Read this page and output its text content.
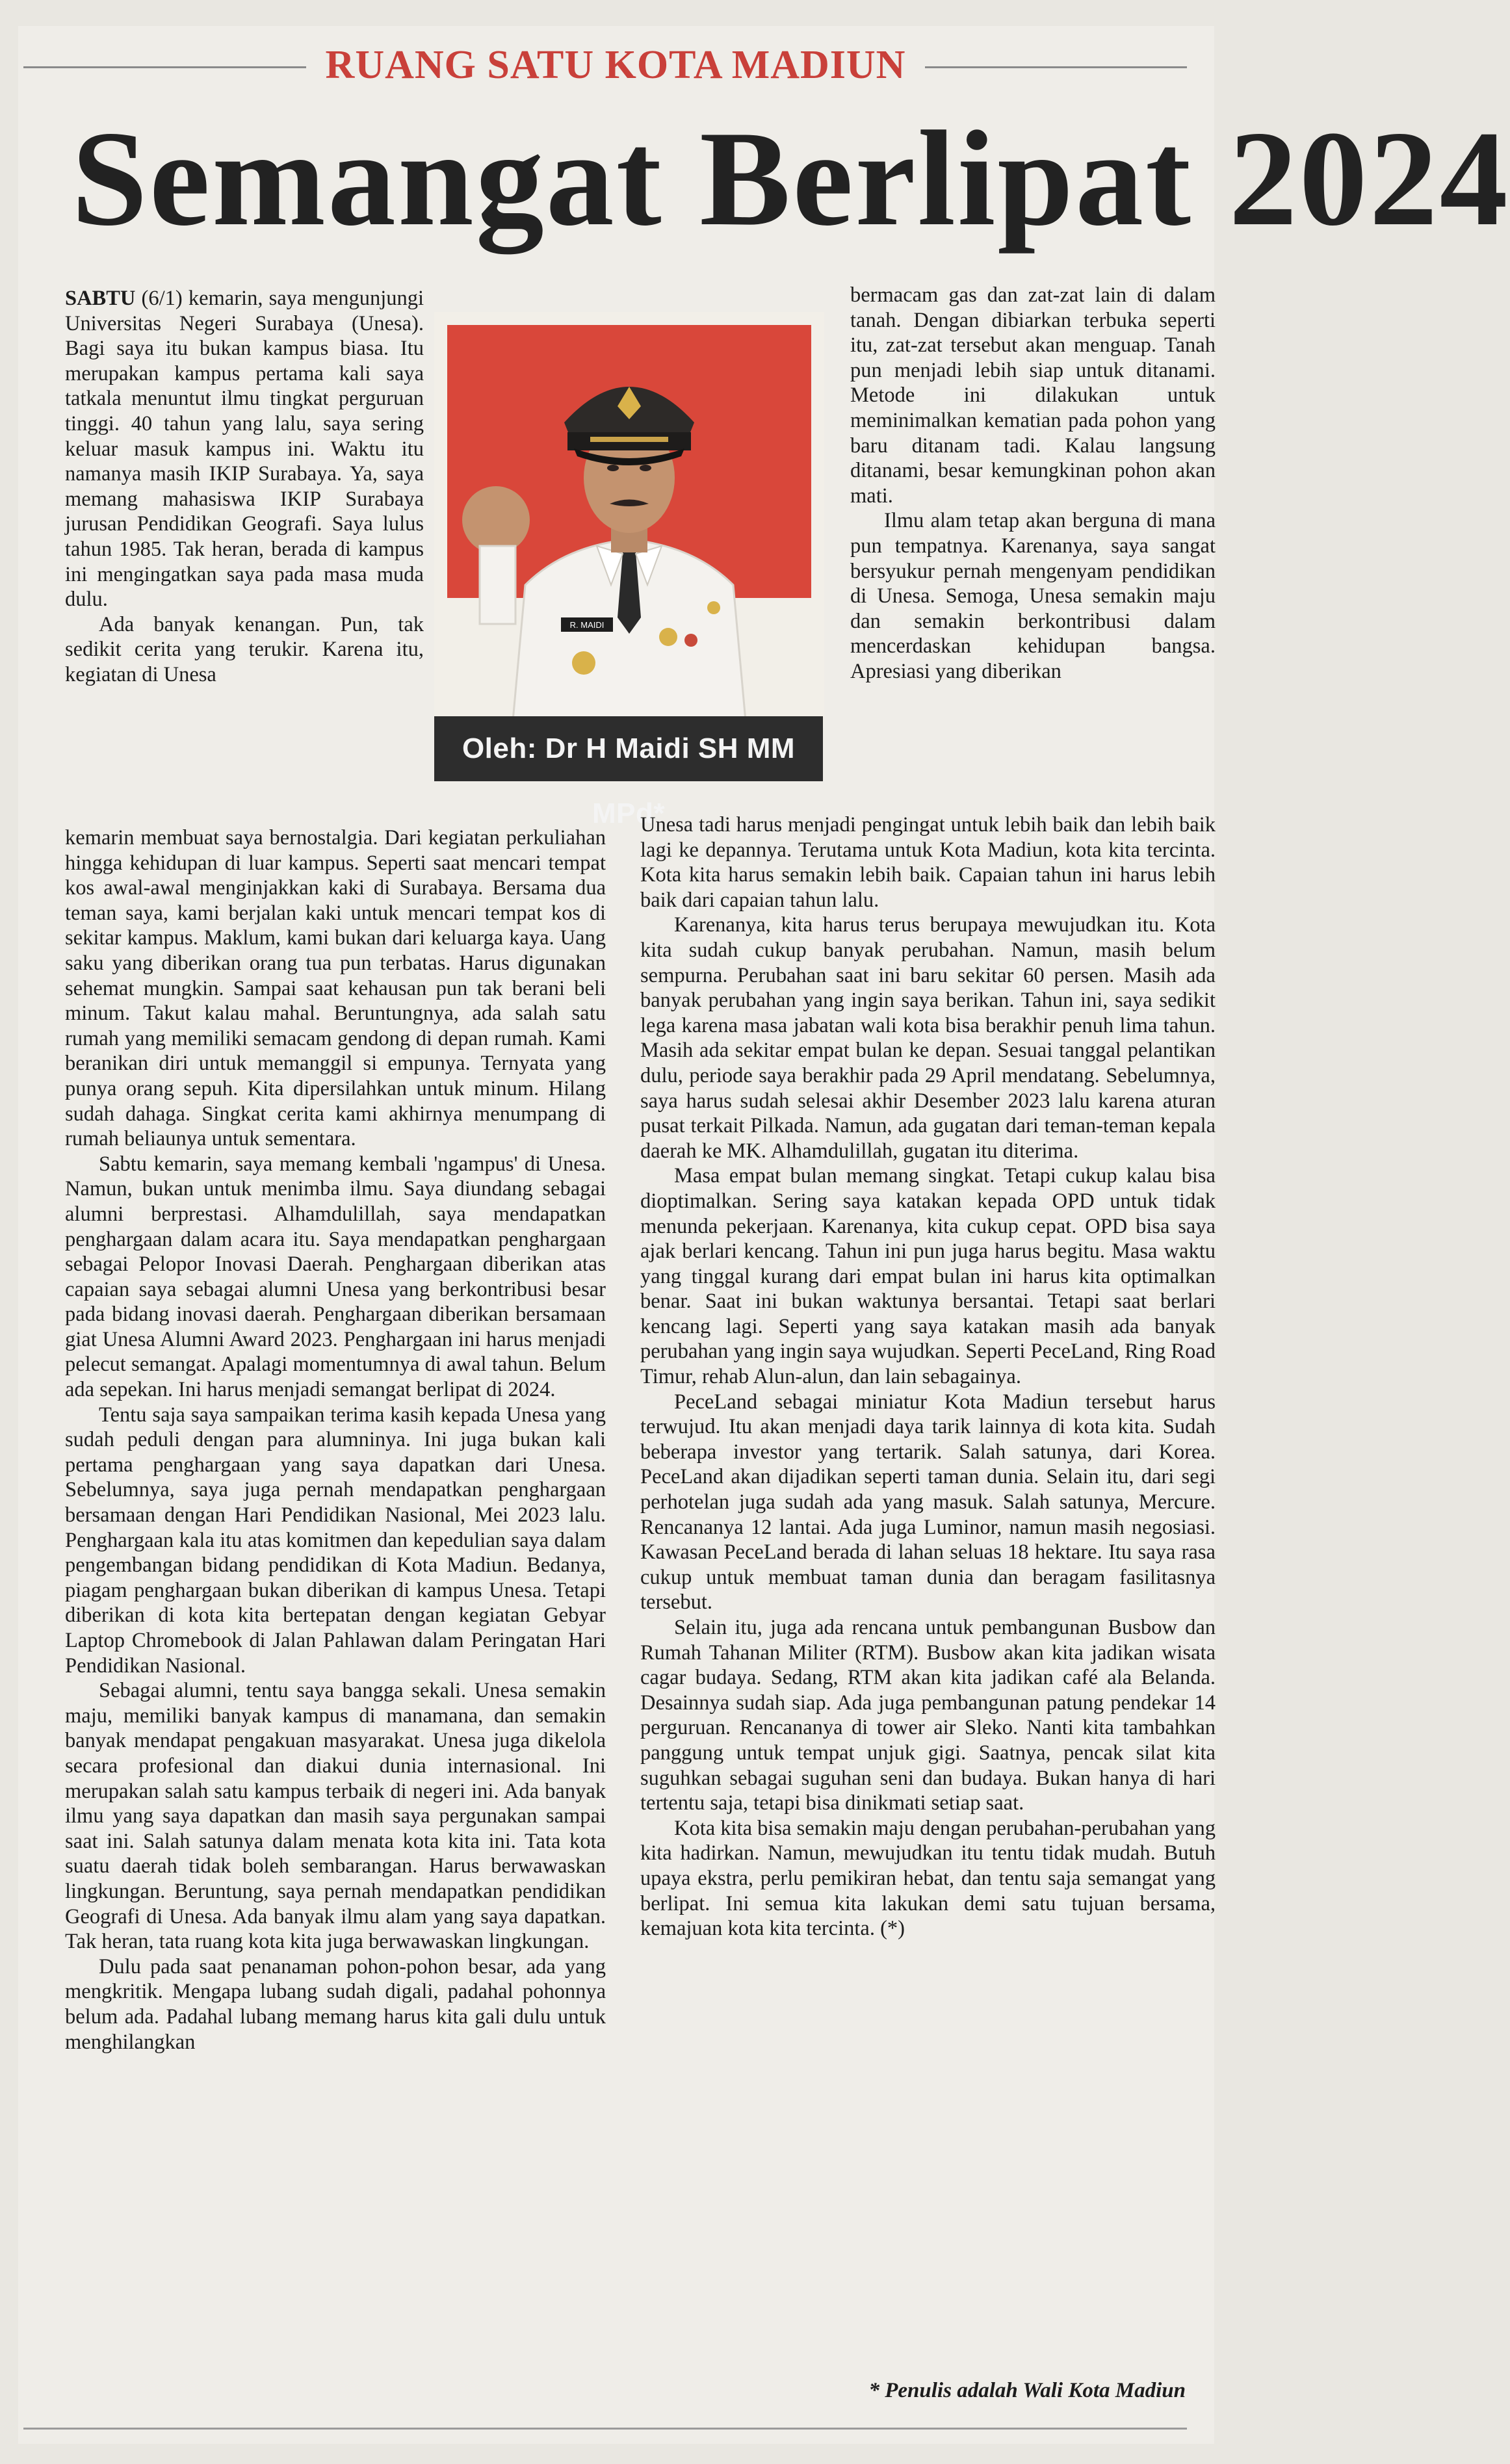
RUANG SATU KOTA MADIUN
Semangat Berlipat 2024

SABTU (6/1) kemarin, saya mengunjungi Universitas Negeri Surabaya (Unesa). Bagi saya itu bukan kampus biasa. Itu merupakan kampus pertama kali saya tatkala menuntut ilmu tingkat perguruan tinggi. 40 tahun yang lalu, saya sering keluar masuk kampus ini. Waktu itu namanya masih IKIP Surabaya. Ya, saya memang mahasiswa IKIP Surabaya jurusan Pendidikan Geografi. Saya lulus tahun 1985. Tak heran, berada di kampus ini mengingatkan saya pada masa muda dulu.

Ada banyak kenangan. Pun, tak sedikit cerita yang terukir. Karena itu, kegiatan di Unesa

R. MAIDI
Oleh: Dr H Maidi SH MM MPd*

kemarin membuat saya bernostalgia. Dari kegiatan perkuliahan hingga kehidupan di luar kampus. Seperti saat mencari tempat kos awal-awal menginjakkan kaki di Surabaya. Bersama dua teman saya, kami berjalan kaki untuk mencari tempat kos di sekitar kampus. Maklum, kami bukan dari keluarga kaya. Uang saku yang diberikan orang tua pun terbatas. Harus digunakan sehemat mungkin. Sampai saat kehausan pun tak berani beli minum. Takut kalau mahal. Beruntungnya, ada salah satu rumah yang memiliki semacam gendong di depan rumah. Kami beranikan diri untuk memanggil si empunya. Ternyata yang punya orang sepuh. Kita dipersilahkan untuk minum. Hilang sudah dahaga. Singkat cerita kami akhirnya menumpang di rumah beliaunya untuk sementara.

Sabtu kemarin, saya memang kembali 'ngampus' di Unesa. Namun, bukan untuk menimba ilmu. Saya diundang sebagai alumni berprestasi. Alhamdulillah, saya mendapatkan penghargaan dalam acara itu. Saya mendapatkan penghargaan sebagai Pelopor Inovasi Daerah. Penghargaan diberikan atas capaian saya sebagai alumni Unesa yang berkontribusi besar pada bidang inovasi daerah. Penghargaan diberikan bersamaan giat Unesa Alumni Award 2023. Penghargaan ini harus menjadi pelecut semangat. Apalagi momentumnya di awal tahun. Belum ada sepekan. Ini harus menjadi semangat berlipat di 2024.

Tentu saja saya sampaikan terima kasih kepada Unesa yang sudah peduli dengan para alumninya. Ini juga bukan kali pertama penghargaan yang saya dapatkan dari Unesa. Sebelumnya, saya juga pernah mendapatkan penghargaan bersamaan dengan Hari Pendidikan Nasional, Mei 2023 lalu. Penghargaan kala itu atas komitmen dan kepedulian saya dalam pengembangan bidang pendidikan di Kota Madiun. Bedanya, piagam penghargaan bukan diberikan di kampus Unesa. Tetapi diberikan di kota kita bertepatan dengan kegiatan Gebyar Laptop Chromebook di Jalan Pahlawan dalam Peringatan Hari Pendidikan Nasional.

Sebagai alumni, tentu saya bangga sekali. Unesa semakin maju, memiliki banyak kampus di manamana, dan semakin banyak mendapat pengakuan masyarakat. Unesa juga dikelola secara profesional dan diakui dunia internasional. Ini merupakan salah satu kampus terbaik di negeri ini. Ada banyak ilmu yang saya dapatkan dan masih saya pergunakan sampai saat ini. Salah satunya dalam menata kota kita ini. Tata kota suatu daerah tidak boleh sembarangan. Harus berwawaskan lingkungan. Beruntung, saya pernah mendapatkan pendidikan Geografi di Unesa. Ada banyak ilmu alam yang saya dapatkan. Tak heran, tata ruang kota kita juga berwawaskan lingkungan.

Dulu pada saat penanaman pohon-pohon besar, ada yang mengkritik. Mengapa lubang sudah digali, padahal pohonnya belum ada. Padahal lubang memang harus kita gali dulu untuk menghilangkan

bermacam gas dan zat-zat lain di dalam tanah. Dengan dibiarkan terbuka seperti itu, zat-zat tersebut akan menguap. Tanah pun menjadi lebih siap untuk ditanami. Metode ini dilakukan untuk meminimalkan kematian pada pohon yang baru ditanam tadi. Kalau langsung ditanami, besar kemungkinan pohon akan mati.

Ilmu alam tetap akan berguna di mana pun tempatnya. Karenanya, saya sangat bersyukur pernah mengenyam pendidikan di Unesa. Semoga, Unesa semakin maju dan semakin berkontribusi dalam mencerdaskan kehidupan bangsa. Apresiasi yang diberikan

Unesa tadi harus menjadi pengingat untuk lebih baik dan lebih baik lagi ke depannya. Terutama untuk Kota Madiun, kota kita tercinta. Kota kita harus semakin lebih baik. Capaian tahun ini harus lebih baik dari capaian tahun lalu.

Karenanya, kita harus terus berupaya mewujudkan itu. Kota kita sudah cukup banyak perubahan. Namun, masih belum sempurna. Perubahan saat ini baru sekitar 60 persen. Masih ada banyak perubahan yang ingin saya berikan. Tahun ini, saya sedikit lega karena masa jabatan wali kota bisa berakhir penuh lima tahun. Masih ada sekitar empat bulan ke depan. Sesuai tanggal pelantikan dulu, periode saya berakhir pada 29 April mendatang. Sebelumnya, saya harus sudah selesai akhir Desember 2023 lalu karena aturan pusat terkait Pilkada. Namun, ada gugatan dari teman-teman kepala daerah ke MK. Alhamdulillah, gugatan itu diterima.

Masa empat bulan memang singkat. Tetapi cukup kalau bisa dioptimalkan. Sering saya katakan kepada OPD untuk tidak menunda pekerjaan. Karenanya, kita cukup cepat. OPD bisa saya ajak berlari kencang. Tahun ini pun juga harus begitu. Masa waktu yang tinggal kurang dari empat bulan ini harus kita optimalkan benar. Saat ini bukan waktunya bersantai. Tetapi saat berlari kencang lagi. Seperti yang saya katakan masih ada banyak perubahan yang ingin saya wujudkan. Seperti PeceLand, Ring Road Timur, rehab Alun-alun, dan lain sebagainya.

PeceLand sebagai miniatur Kota Madiun tersebut harus terwujud. Itu akan menjadi daya tarik lainnya di kota kita. Sudah beberapa investor yang tertarik. Salah satunya, dari Korea. PeceLand akan dijadikan seperti taman dunia. Selain itu, dari segi perhotelan juga sudah ada yang masuk. Salah satunya, Mercure. Rencananya 12 lantai. Ada juga Luminor, namun masih negosiasi. Kawasan PeceLand berada di lahan seluas 18 hektare. Itu saya rasa cukup untuk membuat taman dunia dan beragam fasilitasnya tersebut.

Selain itu, juga ada rencana untuk pembangunan Busbow dan Rumah Tahanan Militer (RTM). Busbow akan kita jadikan wisata cagar budaya. Sedang, RTM akan kita jadikan café ala Belanda. Desainnya sudah siap. Ada juga pembangunan patung pendekar 14 perguruan. Rencananya di tower air Sleko. Nanti kita tambahkan panggung untuk tempat unjuk gigi. Saatnya, pencak silat kita suguhkan sebagai suguhan seni dan budaya. Bukan hanya di hari tertentu saja, tetapi bisa dinikmati setiap saat.

Kota kita bisa semakin maju dengan perubahan-perubahan yang kita hadirkan. Namun, mewujudkan itu tentu tidak mudah. Butuh upaya ekstra, perlu pemikiran hebat, dan tentu saja semangat yang berlipat. Ini semua kita lakukan demi satu tujuan bersama, kemajuan kota kita tercinta. (*)

* Penulis adalah Wali Kota Madiun
